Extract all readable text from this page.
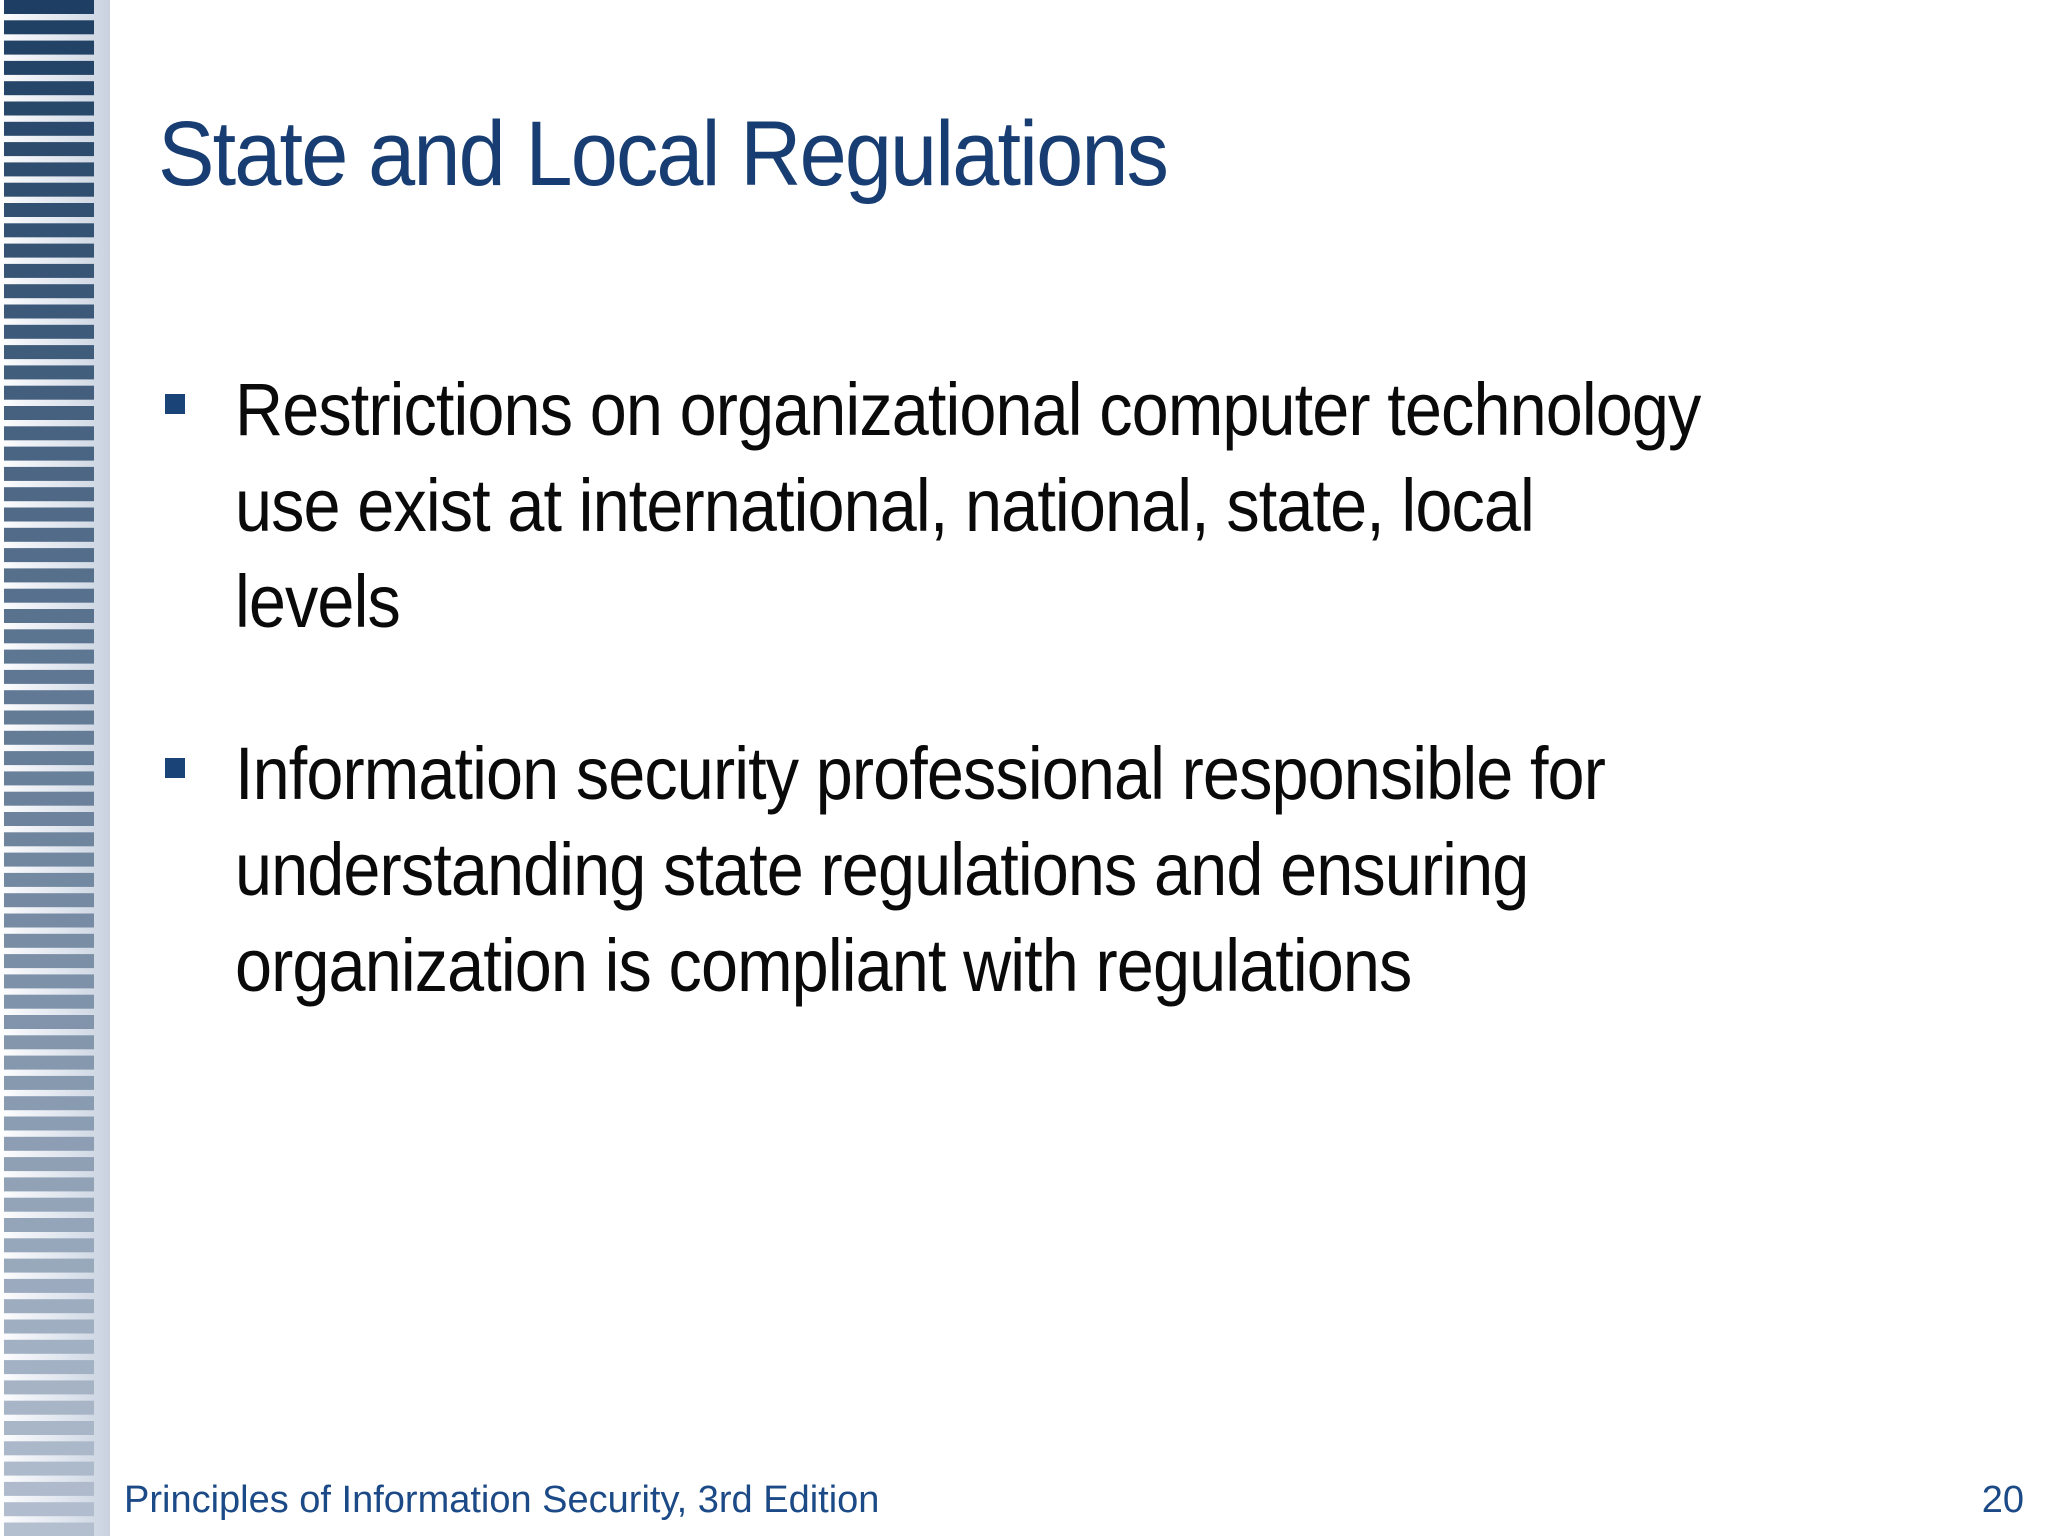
State and Local Regulations
Restrictions on organizational computer technology use exist at international, national, state, local levels
Information security professional responsible for understanding state regulations and ensuring organization is compliant with regulations
Principles of Information Security, 3rd Edition	20
